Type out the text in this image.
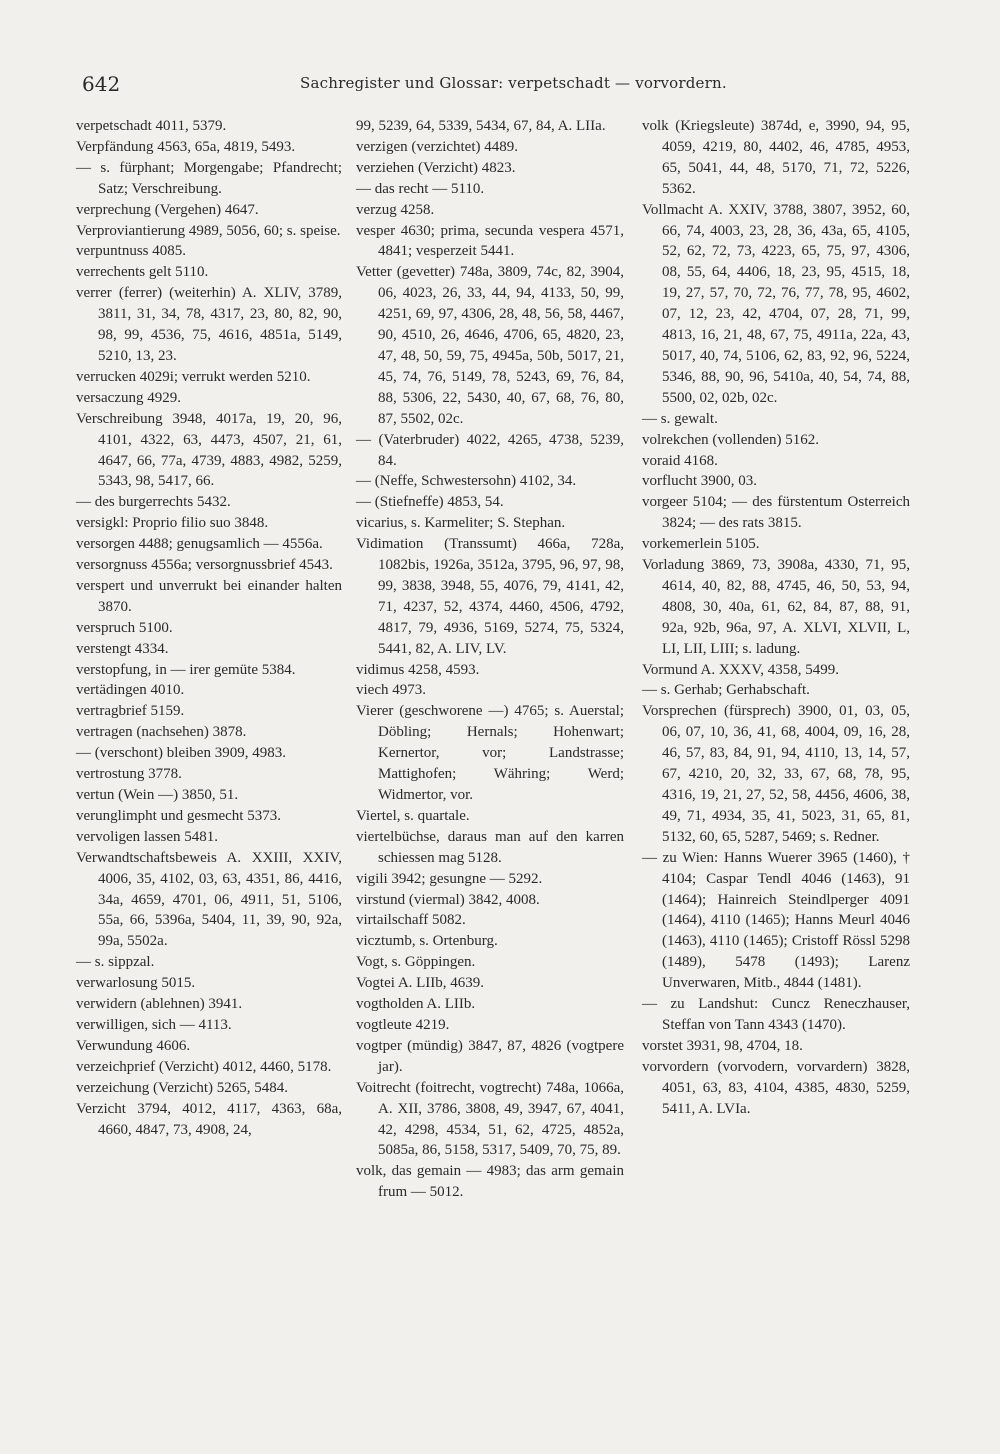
642	Sachregister und Glossar: verpetschadt — vorvordern.

verpetschadt 4011, 5379.

Verpfändung 4563, 65a, 4819, 5493.

— s. fürphant; Morgengabe; Pfandrecht; Satz; Verschreibung.

verprechung (Vergehen) 4647.

Verproviantierung 4989, 5056, 60; s. speise.

verpuntnuss 4085.

verrechents gelt 5110.

verrer (ferrer) (weiterhin) A. XLIV, 3789, 3811, 31, 34, 78, 4317, 23, 80, 82, 90, 98, 99, 4536, 75, 4616, 4851a, 5149, 5210, 13, 23.

verrucken 4029i; verrukt werden 5210.

versaczung 4929.

Verschreibung 3948, 4017a, 19, 20, 96, 4101, 4322, 63, 4473, 4507, 21, 61, 4647, 66, 77a, 4739, 4883, 4982, 5259, 5343, 98, 5417, 66.

— des burgerrechts 5432.

versigkl: Proprio filio suo 3848.

versorgen 4488; genugsamlich — 4556a.

versorgnuss 4556a; versorgnussbrief 4543.

verspert und unverrukt bei einander halten 3870.

verspruch 5100.

verstengt 4334.

verstopfung, in — irer gemüte 5384.

vertädingen 4010.

vertragbrief 5159.

vertragen (nachsehen) 3878.

— (verschont) bleiben 3909, 4983.

vertrostung 3778.

vertun (Wein —) 3850, 51.

verunglimpht und gesmecht 5373.

vervoligen lassen 5481.

Verwandtschaftsbeweis A. XXIII, XXIV, 4006, 35, 4102, 03, 63, 4351, 86, 4416, 34a, 4659, 4701, 06, 4911, 51, 5106, 55a, 66, 5396a, 5404, 11, 39, 90, 92a, 99a, 5502a.

— s. sippzal.

verwarlosung 5015.

verwidern (ablehnen) 3941.

verwilligen, sich — 4113.

Verwundung 4606.

verzeichprief (Verzicht) 4012, 4460, 5178.

verzeichung (Verzicht) 5265, 5484.

Verzicht 3794, 4012, 4117, 4363, 68a, 4660, 4847, 73, 4908, 24,

99, 5239, 64, 5339, 5434, 67, 84, A. LIIa.

verzigen (verzichtet) 4489.

verziehen (Verzicht) 4823.

— das recht — 5110.

verzug 4258.

vesper 4630; prima, secunda vespera 4571, 4841; vesperzeit 5441.

Vetter (gevetter) 748a, 3809, 74c, 82, 3904, 06, 4023, 26, 33, 44, 94, 4133, 50, 99, 4251, 69, 97, 4306, 28, 48, 56, 58, 4467, 90, 4510, 26, 4646, 4706, 65, 4820, 23, 47, 48, 50, 59, 75, 4945a, 50b, 5017, 21, 45, 74, 76, 5149, 78, 5243, 69, 76, 84, 88, 5306, 22, 5430, 40, 67, 68, 76, 80, 87, 5502, 02c.

— (Vaterbruder) 4022, 4265, 4738, 5239, 84.

— (Neffe, Schwestersohn) 4102, 34.

— (Stiefneffe) 4853, 54.

vicarius, s. Karmeliter; S. Stephan.

Vidimation (Transsumt) 466a, 728a, 1082bis, 1926a, 3512a, 3795, 96, 97, 98, 99, 3838, 3948, 55, 4076, 79, 4141, 42, 71, 4237, 52, 4374, 4460, 4506, 4792, 4817, 79, 4936, 5169, 5274, 75, 5324, 5441, 82, A. LIV, LV.

vidimus 4258, 4593.

viech 4973.

Vierer (geschworene —) 4765; s. Auerstal; Döbling; Hernals; Hohenwart; Kernertor, vor; Landstrasse; Mattighofen; Währing; Werd; Widmertor, vor.

Viertel, s. quartale.

viertelbüchse, daraus man auf den karren schiessen mag 5128.

vigili 3942; gesungne — 5292.

virstund (viermal) 3842, 4008.

virtailschaff 5082.

vicztumb, s. Ortenburg.

Vogt, s. Göppingen.

Vogtei A. LIIb, 4639.

vogtholden A. LIIb.

vogtleute 4219.

vogtper (mündig) 3847, 87, 4826 (vogtpere jar).

Voitrecht (foitrecht, vogtrecht) 748a, 1066a, A. XII, 3786, 3808, 49, 3947, 67, 4041, 42, 4298, 4534, 51, 62, 4725, 4852a, 5085a, 86, 5158, 5317, 5409, 70, 75, 89.

volk, das gemain — 4983; das arm gemain frum — 5012.

volk (Kriegsleute) 3874d, e, 3990, 94, 95, 4059, 4219, 80, 4402, 46, 4785, 4953, 65, 5041, 44, 48, 5170, 71, 72, 5226, 5362.

Vollmacht A. XXIV, 3788, 3807, 3952, 60, 66, 74, 4003, 23, 28, 36, 43a, 65, 4105, 52, 62, 72, 73, 4223, 65, 75, 97, 4306, 08, 55, 64, 4406, 18, 23, 95, 4515, 18, 19, 27, 57, 70, 72, 76, 77, 78, 95, 4602, 07, 12, 23, 42, 4704, 07, 28, 71, 99, 4813, 16, 21, 48, 67, 75, 4911a, 22a, 43, 5017, 40, 74, 5106, 62, 83, 92, 96, 5224, 5346, 88, 90, 96, 5410a, 40, 54, 74, 88, 5500, 02, 02b, 02c.

— s. gewalt.

volrekchen (vollenden) 5162.

voraid 4168.

vorflucht 3900, 03.

vorgeer 5104; — des fürstentum Osterreich 3824; — des rats 3815.

vorkemerlein 5105.

Vorladung 3869, 73, 3908a, 4330, 71, 95, 4614, 40, 82, 88, 4745, 46, 50, 53, 94, 4808, 30, 40a, 61, 62, 84, 87, 88, 91, 92a, 92b, 96a, 97, A. XLVI, XLVII, L, LI, LII, LIII; s. ladung.

Vormund A. XXXV, 4358, 5499.

— s. Gerhab; Gerhabschaft.

Vorsprechen (fürsprech) 3900, 01, 03, 05, 06, 07, 10, 36, 41, 68, 4004, 09, 16, 28, 46, 57, 83, 84, 91, 94, 4110, 13, 14, 57, 67, 4210, 20, 32, 33, 67, 68, 78, 95, 4316, 19, 21, 27, 52, 58, 4456, 4606, 38, 49, 71, 4934, 35, 41, 5023, 31, 65, 81, 5132, 60, 65, 5287, 5469; s. Redner.

— zu Wien: Hanns Wuerer 3965 (1460), † 4104; Caspar Tendl 4046 (1463), 91 (1464); Hainreich Steindlperger 4091 (1464), 4110 (1465); Hanns Meurl 4046 (1463), 4110 (1465); Cristoff Rössl 5298 (1489), 5478 (1493); Larenz Unverwaren, Mitb., 4844 (1481).

— zu Landshut: Cuncz Reneczhauser, Steffan von Tann 4343 (1470).

vorstet 3931, 98, 4704, 18.

vorvordern (vorvodern, vorvardern) 3828, 4051, 63, 83, 4104, 4385, 4830, 5259, 5411, A. LVIa.
